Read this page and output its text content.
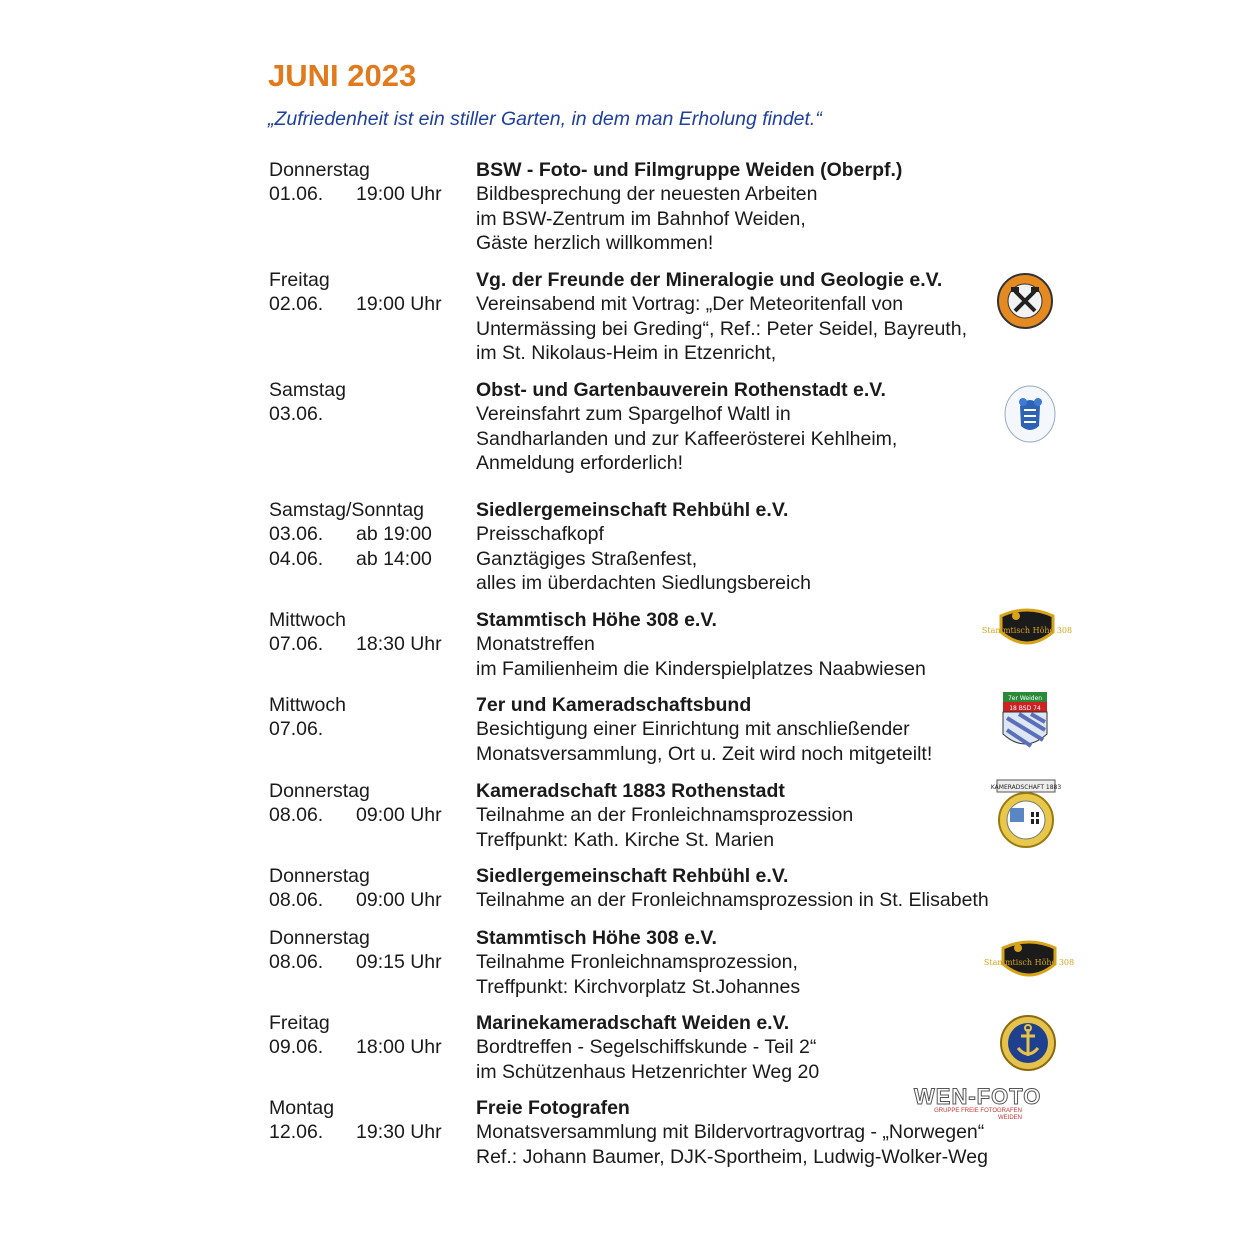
JUNI 2023
„Zufriedenheit ist ein stiller Garten, in dem man Erholung findet.“
Donnerstag
01.06. 19:00 Uhr
BSW - Foto- und Filmgruppe Weiden (Oberpf.)
Bildbesprechung der neuesten Arbeiten
im BSW-Zentrum im Bahnhof Weiden,
Gäste herzlich willkommen!
Freitag
02.06. 19:00 Uhr
Vg. der Freunde der Mineralogie und Geologie e.V.
Vereinsabend mit Vortrag: „Der Meteoritenfall von
Untermässing bei Greding“, Ref.: Peter Seidel, Bayreuth,
im St. Nikolaus-Heim in Etzenricht,
Samstag
03.06.
Obst- und Gartenbauverein Rothenstadt e.V.
Vereinsfahrt zum Spargelhof Waltl in
Sandharlanden und zur Kaffeerösterei Kehlheim,
Anmeldung erforderlich!
Samstag/Sonntag
03.06. ab 19:00
04.06. ab 14:00
Siedlergemeinschaft Rehbühl e.V.
Preisschafkopf
Ganztägiges Straßenfest,
alles im überdachten Siedlungsbereich
Mittwoch
07.06. 18:30 Uhr
Stammtisch Höhe 308 e.V.
Monatstreffen
im Familienheim die Kinderspielplatzes Naabwiesen
Mittwoch
07.06.
7er und Kameradschaftsbund
Besichtigung einer Einrichtung mit anschließender
Monatsversammlung, Ort u. Zeit wird noch mitgeteilt!
Donnerstag
08.06. 09:00 Uhr
Kameradschaft 1883 Rothenstadt
Teilnahme an der Fronleichnamsprozession
Treffpunkt: Kath. Kirche St. Marien
Donnerstag
08.06. 09:00 Uhr
Siedlergemeinschaft Rehbühl e.V.
Teilnahme an der Fronleichnamsprozession in St. Elisabeth
Donnerstag
08.06. 09:15 Uhr
Stammtisch Höhe 308 e.V.
Teilnahme Fronleichnamsprozession,
Treffpunkt: Kirchvorplatz St.Johannes
Freitag
09.06. 18:00 Uhr
Marinekameradschaft Weiden e.V.
Bordtreffen - Segelschiffskunde - Teil 2“
im Schützenhaus Hetzenrichter Weg 20
Montag
12.06. 19:30 Uhr
Freie Fotografen
Monatsversammlung mit Bildervortragvortrag - „Norwegen“
Ref.: Johann Baumer, DJK-Sportheim, Ludwig-Wolker-Weg
Stammtisch Höhe 308
7er Weiden
18 BSD 74
KAMERADSCHAFT 1883
Stammtisch Höhe 308
WEN-FOTO
GRUPPE FREIE FOTOGRAFEN WEIDEN
